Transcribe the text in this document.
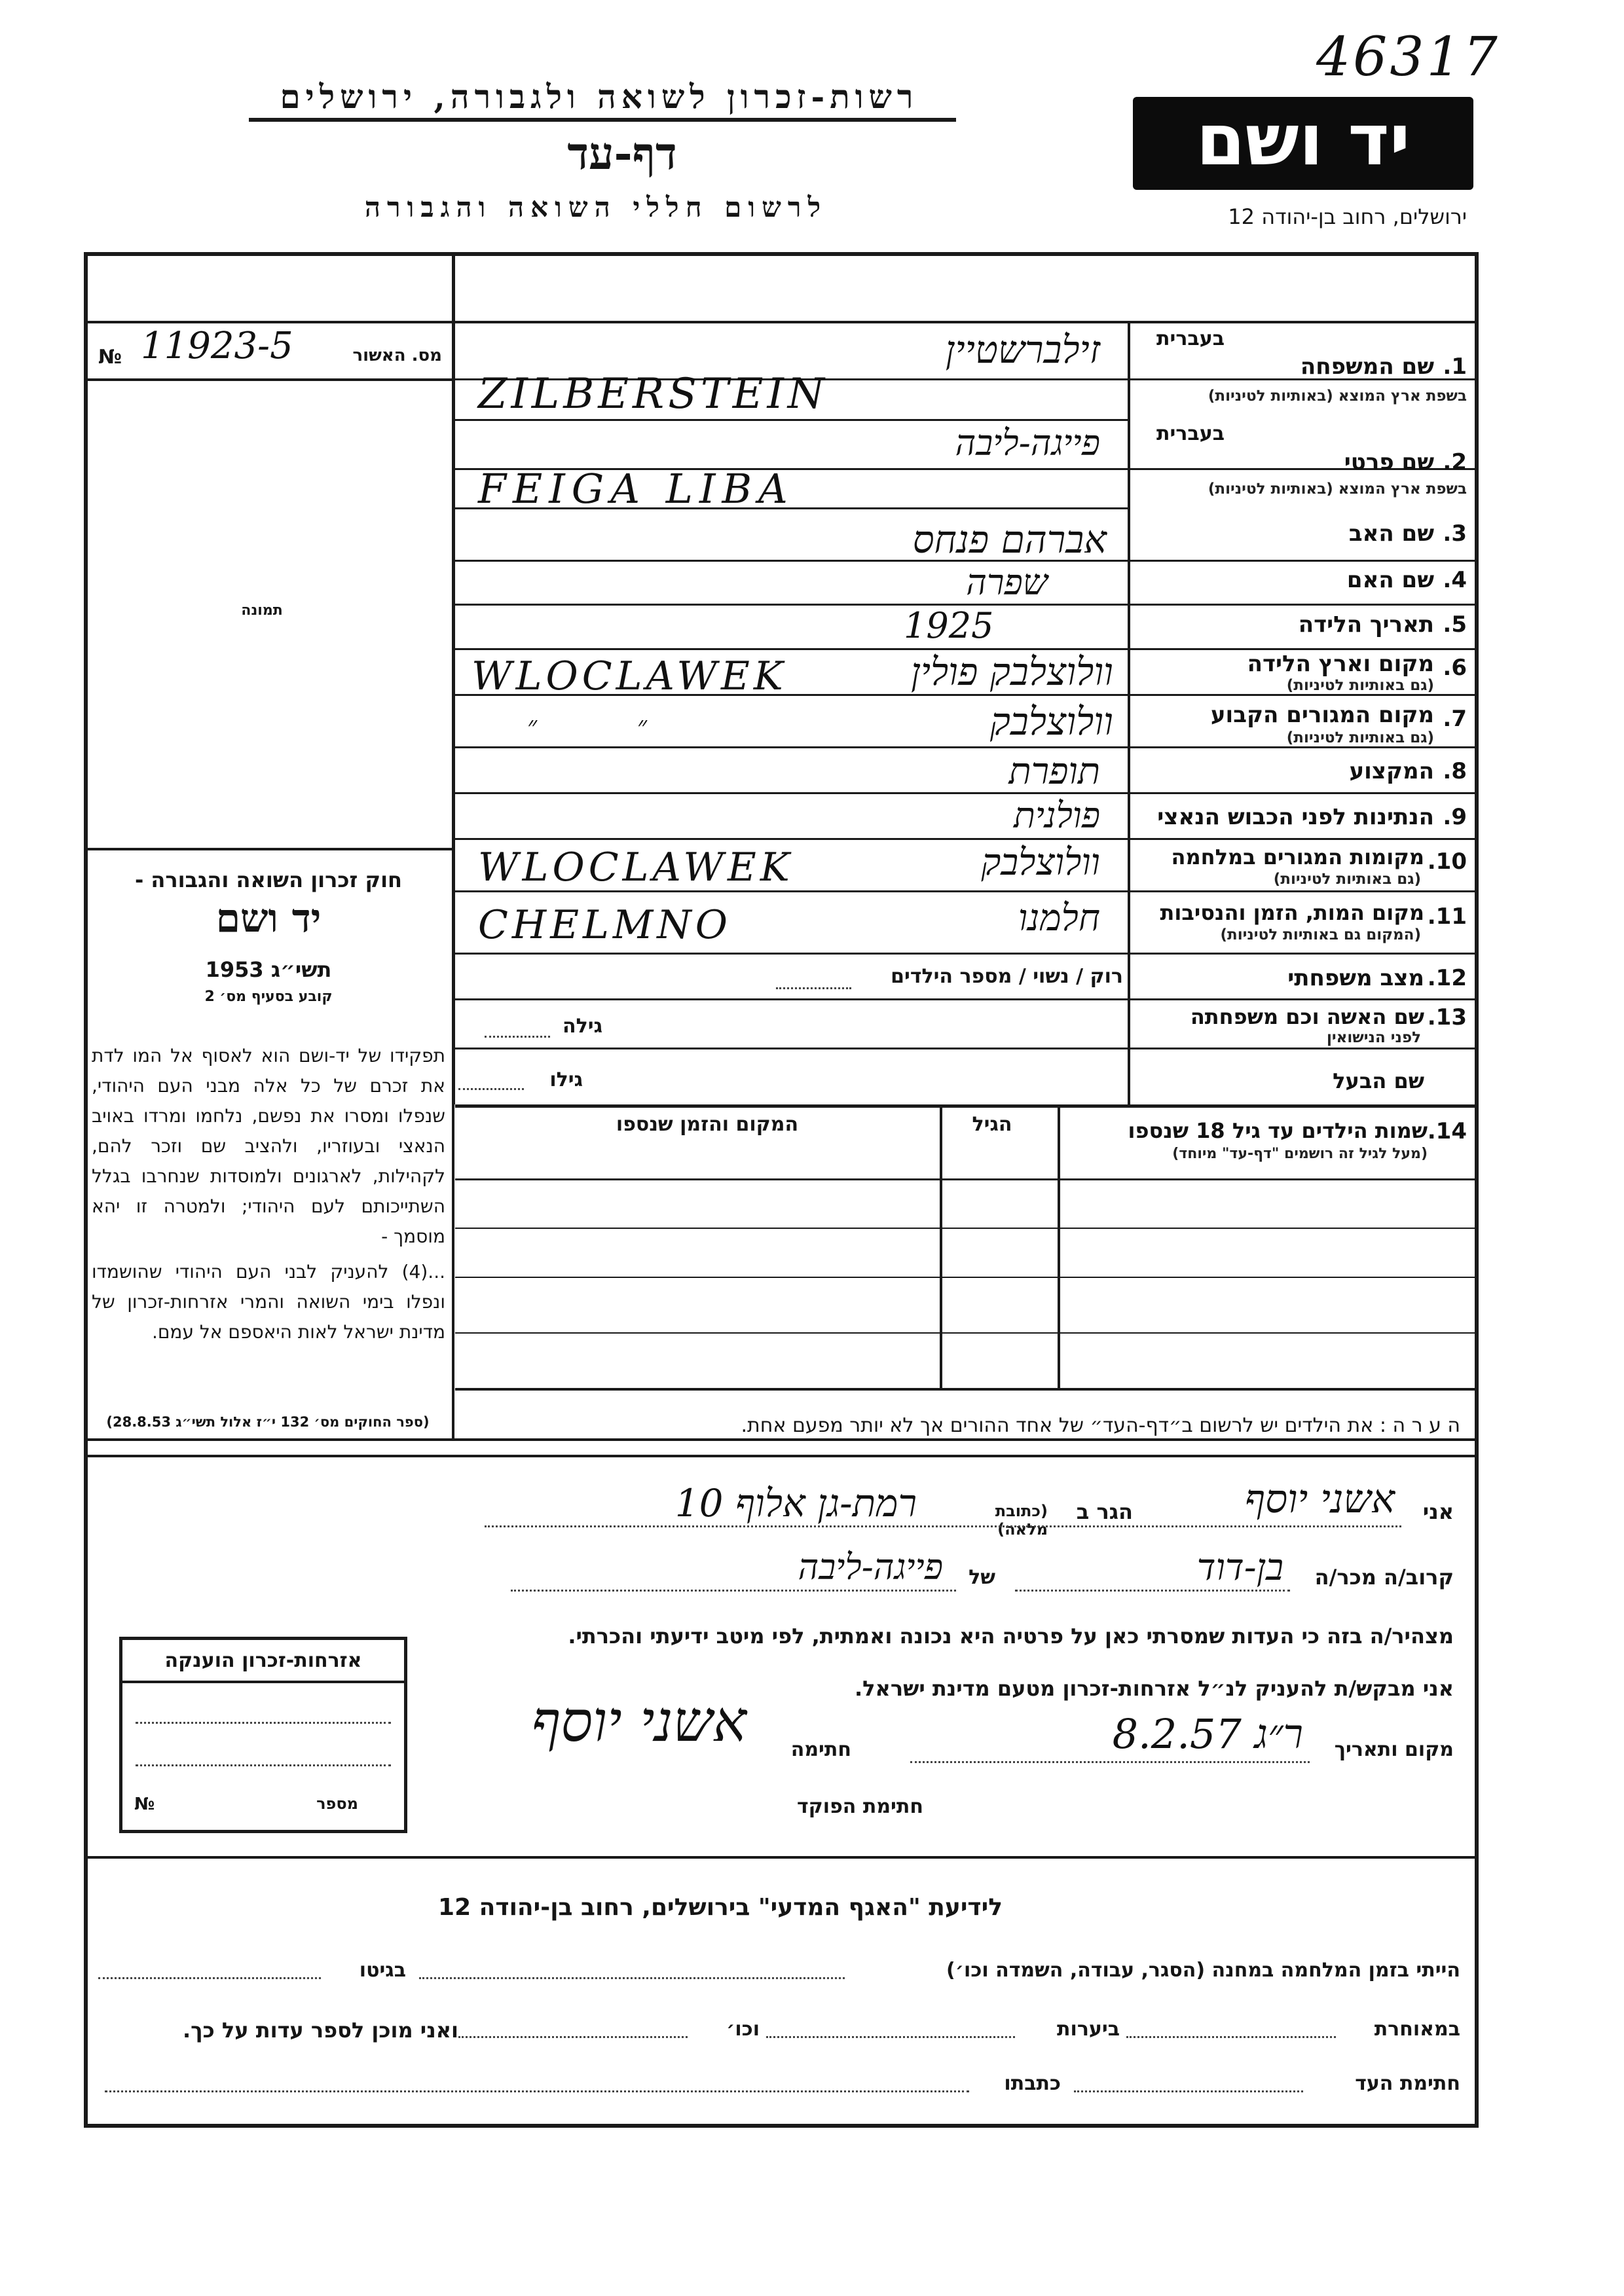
46317
רשות-זכרון לשואה ולגבורה, ירושלים
דף-עד
לרשום חללי השואה והגבורה
יד ושם
ירושלים, רחוב בן-יהודה 12
№ 11923-5	מס. האשור
תמונה
חוק זכרון השואה והגבורה -
יד ושם
תשי״ג 1953
קובע בסעיף מס׳ 2
תפקידו של יד-ושם הוא לאסוף אל המו לדת את זכרם של כל אלה מבני העם היהודי, שנפלו ומסרו את נפשם, נלחמו ומרדו באויב הנאצי ובעוזריו, ולהציב שם וזכר להם, לקהילות, לארגונים ולמוסדות שנחרבו בגלל השתייכותם לעם היהודי; ולמטרה זו יהא מוסמך -
...(4) להעניק לבני העם היהודי שהושמדו ונפלו בימי השואה והמרי אזרחות-זכרון של מדינת ישראל לאות היאספם אל עמם.
(ספר החוקים מס׳ 132 י״ז אלול תשי״ג 28.8.53)
בעברית
שם המשפחה 1.
בשפת ארץ המוצא (באותיות לטיניות)
זילברשטיין
ZILBERSTEIN
בעברית
שם פרטי 2.
בשפת ארץ המוצא (באותיות לטיניות)
פייגה-ליבה
FEIGA LIBA
שם האב 3.
אברהם פנחס
שם האם 4.
שפרה
תאריך הלידה 5.
1925
מקום וארץ הלידה 6.
(גם באותיות לטיניות)
וולוצלבק פולין
WLOCLAWEK
מקום המגורים הקבוע 7.
(גם באותיות לטיניות)
וולוצלבק
״ ״
המקצוע 8.
תופרת
הנתינות לפני הכבוש הנאצי 9.
פולנית
מקומות המגורים במלחמה 10.
(גם באותיות לטיניות)
וולוצלבק
WLOCLAWEK
מקום המות, הזמן והנסיבות 11.
(המקום גם באותיות לטיניות)
חלמנו
CHELMNO
מצב משפחתי 12.
רוק / נשוי / מספר הילדים
שם האשה וכם משפחתה 13.
לפני הנישואין
גילה
שם הבעל
גילו
שמות הילדים עד גיל 18 שנספו 14.
(מעל לגיל זה רושמים "דף-עד" מיוחד)
הגיל
המקום והזמן שנספו
ה ע ר ה : את הילדים יש לרשום ב״דף-העד״ של אחד ההורים אך לא יותר מפעם אחת.
אני
אשני יוסף
הגר ב
(כתובת מלאה)
רמת-גן אלוף 10
קרוב/ה מכר/ה
בן-דוד
של
פייגה-ליבה
מצהיר/ה בזה כי העדות שמסרתי כאן על פרטיה היא נכונה ואמתית, לפי מיטב ידיעתי והכרתי.
אני מבקש/ת להעניק לנ״ל אזרחות-זכרון מטעם מדינת ישראל.
מקום ותאריך
ר״ג 8.2.57
חתימה
אשני יוסף
חתימת הפוקד
אזרחות-זכרון הוענקה
מספר
№
לידיעת "האגף המדעי" בירושלים, רחוב בן-יהודה 12
בגיטו	הייתי בזמן המלחמה במחנה (הסגר, עבודה, השמדה וכו׳)
במאוחרת
ביערות
וכו׳
ואני מוכן לספר עדות על כך.
חתימת העד
כתבתו
